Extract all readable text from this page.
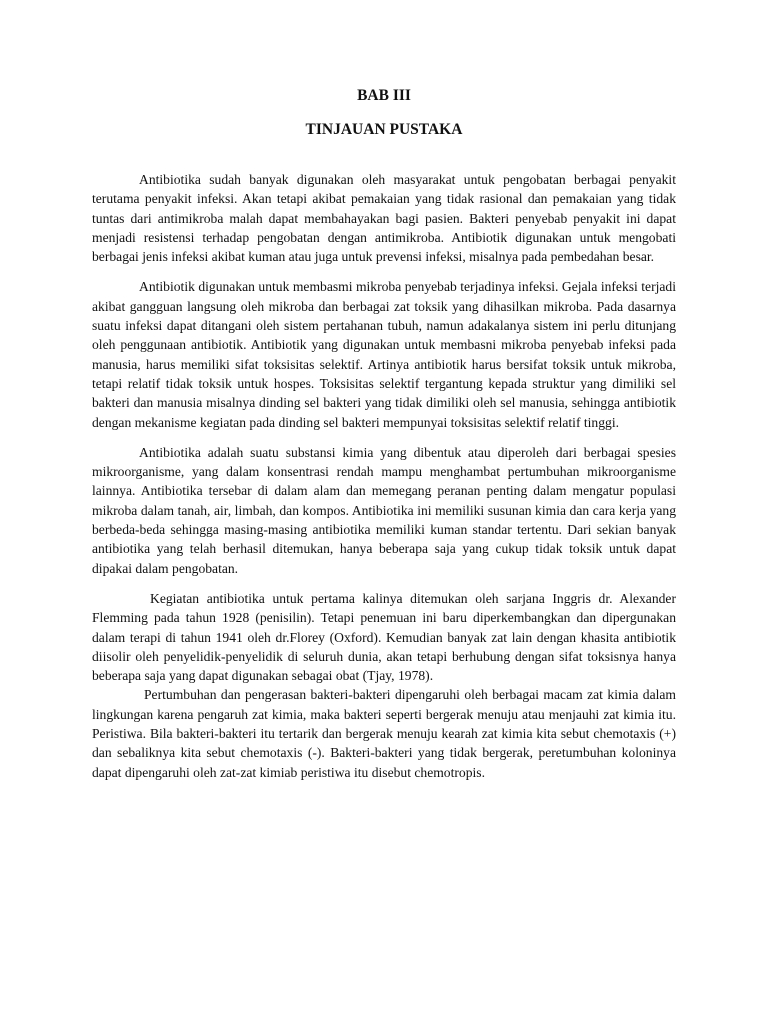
BAB III
TINJAUAN PUSTAKA

Antibiotika sudah banyak digunakan oleh masyarakat untuk pengobatan berbagai penyakit terutama penyakit infeksi. Akan tetapi akibat pemakaian yang tidak rasional dan pemakaian yang tidak tuntas dari antimikroba malah dapat membahayakan bagi pasien. Bakteri penyebab penyakit ini dapat menjadi resistensi terhadap pengobatan dengan antimikroba. Antibiotik digunakan untuk mengobati berbagai jenis infeksi akibat kuman atau juga untuk prevensi infeksi, misalnya pada pembedahan besar.

Antibiotik digunakan untuk membasmi mikroba penyebab terjadinya infeksi. Gejala infeksi terjadi akibat gangguan langsung oleh mikroba dan berbagai zat toksik yang dihasilkan mikroba. Pada dasarnya suatu infeksi dapat ditangani oleh sistem pertahanan tubuh, namun adakalanya sistem ini perlu ditunjang oleh penggunaan antibiotik. Antibiotik yang digunakan untuk membasni mikroba penyebab infeksi pada manusia, harus memiliki sifat toksisitas selektif. Artinya antibiotik harus bersifat toksik untuk mikroba, tetapi relatif tidak toksik untuk hospes. Toksisitas selektif tergantung kepada struktur yang dimiliki sel bakteri dan manusia misalnya dinding sel bakteri yang tidak dimiliki oleh sel manusia, sehingga antibiotik dengan mekanisme kegiatan pada dinding sel bakteri mempunyai toksisitas selektif relatif tinggi.

Antibiotika adalah suatu substansi kimia yang dibentuk atau diperoleh dari berbagai spesies mikroorganisme, yang dalam konsentrasi rendah mampu menghambat pertumbuhan mikroorganisme lainnya. Antibiotika tersebar di dalam alam dan memegang peranan penting dalam mengatur populasi mikroba dalam tanah, air, limbah, dan kompos. Antibiotika ini memiliki susunan kimia dan cara kerja yang berbeda-beda sehingga masing-masing antibiotika memiliki kuman standar tertentu. Dari sekian banyak antibiotika yang telah berhasil ditemukan, hanya beberapa saja yang cukup tidak toksik untuk dapat dipakai dalam pengobatan.

Kegiatan antibiotika untuk pertama kalinya ditemukan oleh sarjana Inggris dr. Alexander Flemming pada tahun 1928 (penisilin). Tetapi penemuan ini baru diperkembangkan dan dipergunakan dalam terapi di tahun 1941 oleh dr.Florey (Oxford). Kemudian banyak zat lain dengan khasita antibiotik diisolir oleh penyelidik-penyelidik di seluruh dunia, akan tetapi berhubung dengan sifat toksisnya hanya beberapa saja yang dapat digunakan sebagai obat (Tjay, 1978).

Pertumbuhan dan pengerasan bakteri-bakteri dipengaruhi oleh berbagai macam zat kimia dalam lingkungan karena pengaruh zat kimia, maka bakteri seperti bergerak menuju atau menjauhi zat kimia itu. Peristiwa. Bila bakteri-bakteri itu tertarik dan bergerak menuju kearah zat kimia kita sebut chemotaxis (+) dan sebaliknya kita sebut chemotaxis (-). Bakteri-bakteri yang tidak bergerak, peretumbuhan koloninya dapat dipengaruhi oleh zat-zat kimiab peristiwa itu disebut chemotropis.
